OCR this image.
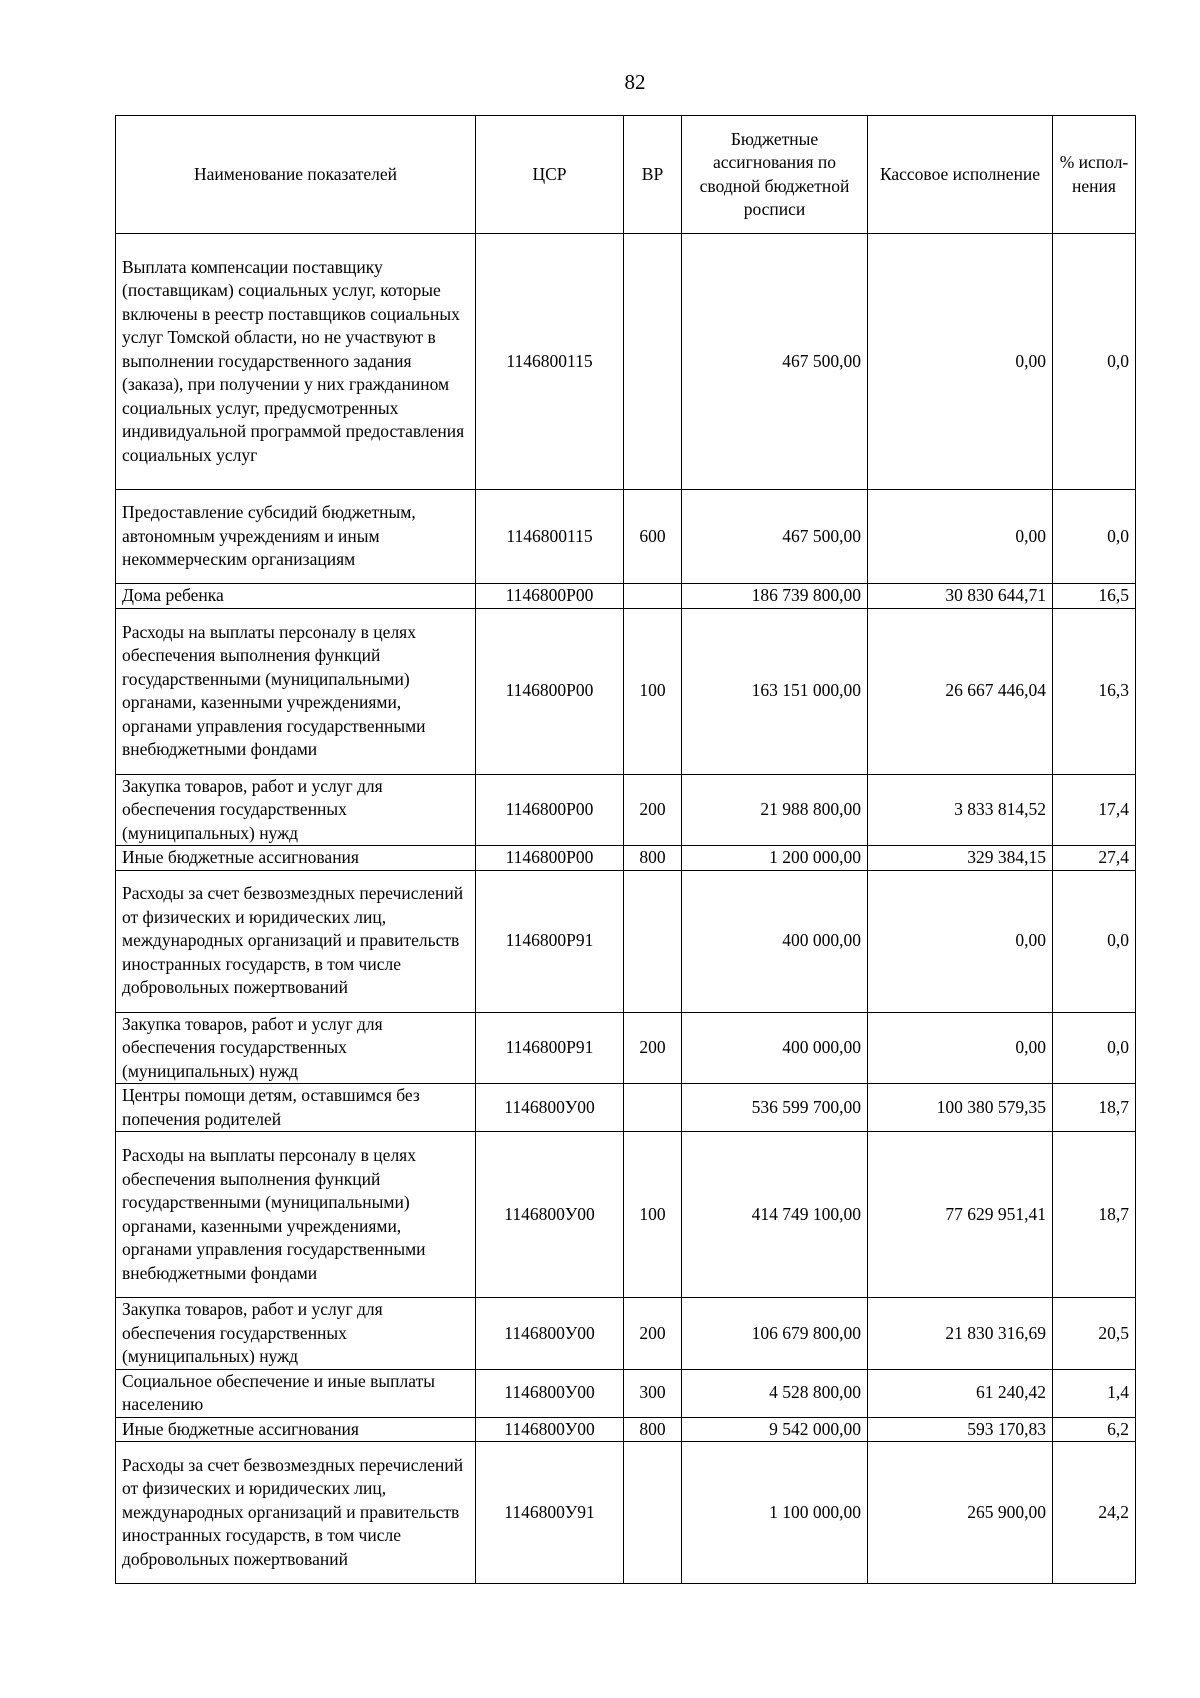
82
Наименование показателей	ЦСР	ВР	Бюджетные ассигнования по сводной бюджетной росписи	Кассовое исполнение	% испол-нения
Выплата компенсации поставщику (поставщикам) социальных услуг, которые включены в реестр поставщиков социальных услуг Томской области, но не участвуют в выполнении государственного задания (заказа), при получении у них гражданином социальных услуг, предусмотренных индивидуальной программой предоставления социальных услуг	1146800115		467 500,00	0,00	0,0
Предоставление субсидий бюджетным, автономным учреждениям и иным некоммерческим организациям	1146800115	600	467 500,00	0,00	0,0
Дома ребенка	1146800Р00		186 739 800,00	30 830 644,71	16,5
Расходы на выплаты персоналу в целях обеспечения выполнения функций государственными (муниципальными) органами, казенными учреждениями, органами управления государственными внебюджетными фондами	1146800Р00	100	163 151 000,00	26 667 446,04	16,3
Закупка товаров, работ и услуг для обеспечения государственных (муниципальных) нужд	1146800Р00	200	21 988 800,00	3 833 814,52	17,4
Иные бюджетные ассигнования	1146800Р00	800	1 200 000,00	329 384,15	27,4
Расходы за счет безвозмездных перечислений от физических и юридических лиц, международных организаций и правительств иностранных государств, в том числе добровольных пожертвований	1146800Р91		400 000,00	0,00	0,0
Закупка товаров, работ и услуг для обеспечения государственных (муниципальных) нужд	1146800Р91	200	400 000,00	0,00	0,0
Центры помощи детям, оставшимся без попечения родителей	1146800У00		536 599 700,00	100 380 579,35	18,7
Расходы на выплаты персоналу в целях обеспечения выполнения функций государственными (муниципальными) органами, казенными учреждениями, органами управления государственными внебюджетными фондами	1146800У00	100	414 749 100,00	77 629 951,41	18,7
Закупка товаров, работ и услуг для обеспечения государственных (муниципальных) нужд	1146800У00	200	106 679 800,00	21 830 316,69	20,5
Социальное обеспечение и иные выплаты населению	1146800У00	300	4 528 800,00	61 240,42	1,4
Иные бюджетные ассигнования	1146800У00	800	9 542 000,00	593 170,83	6,2
Расходы за счет безвозмездных перечислений от физических и юридических лиц, международных организаций и правительств иностранных государств, в том числе добровольных пожертвований	1146800У91		1 100 000,00	265 900,00	24,2
